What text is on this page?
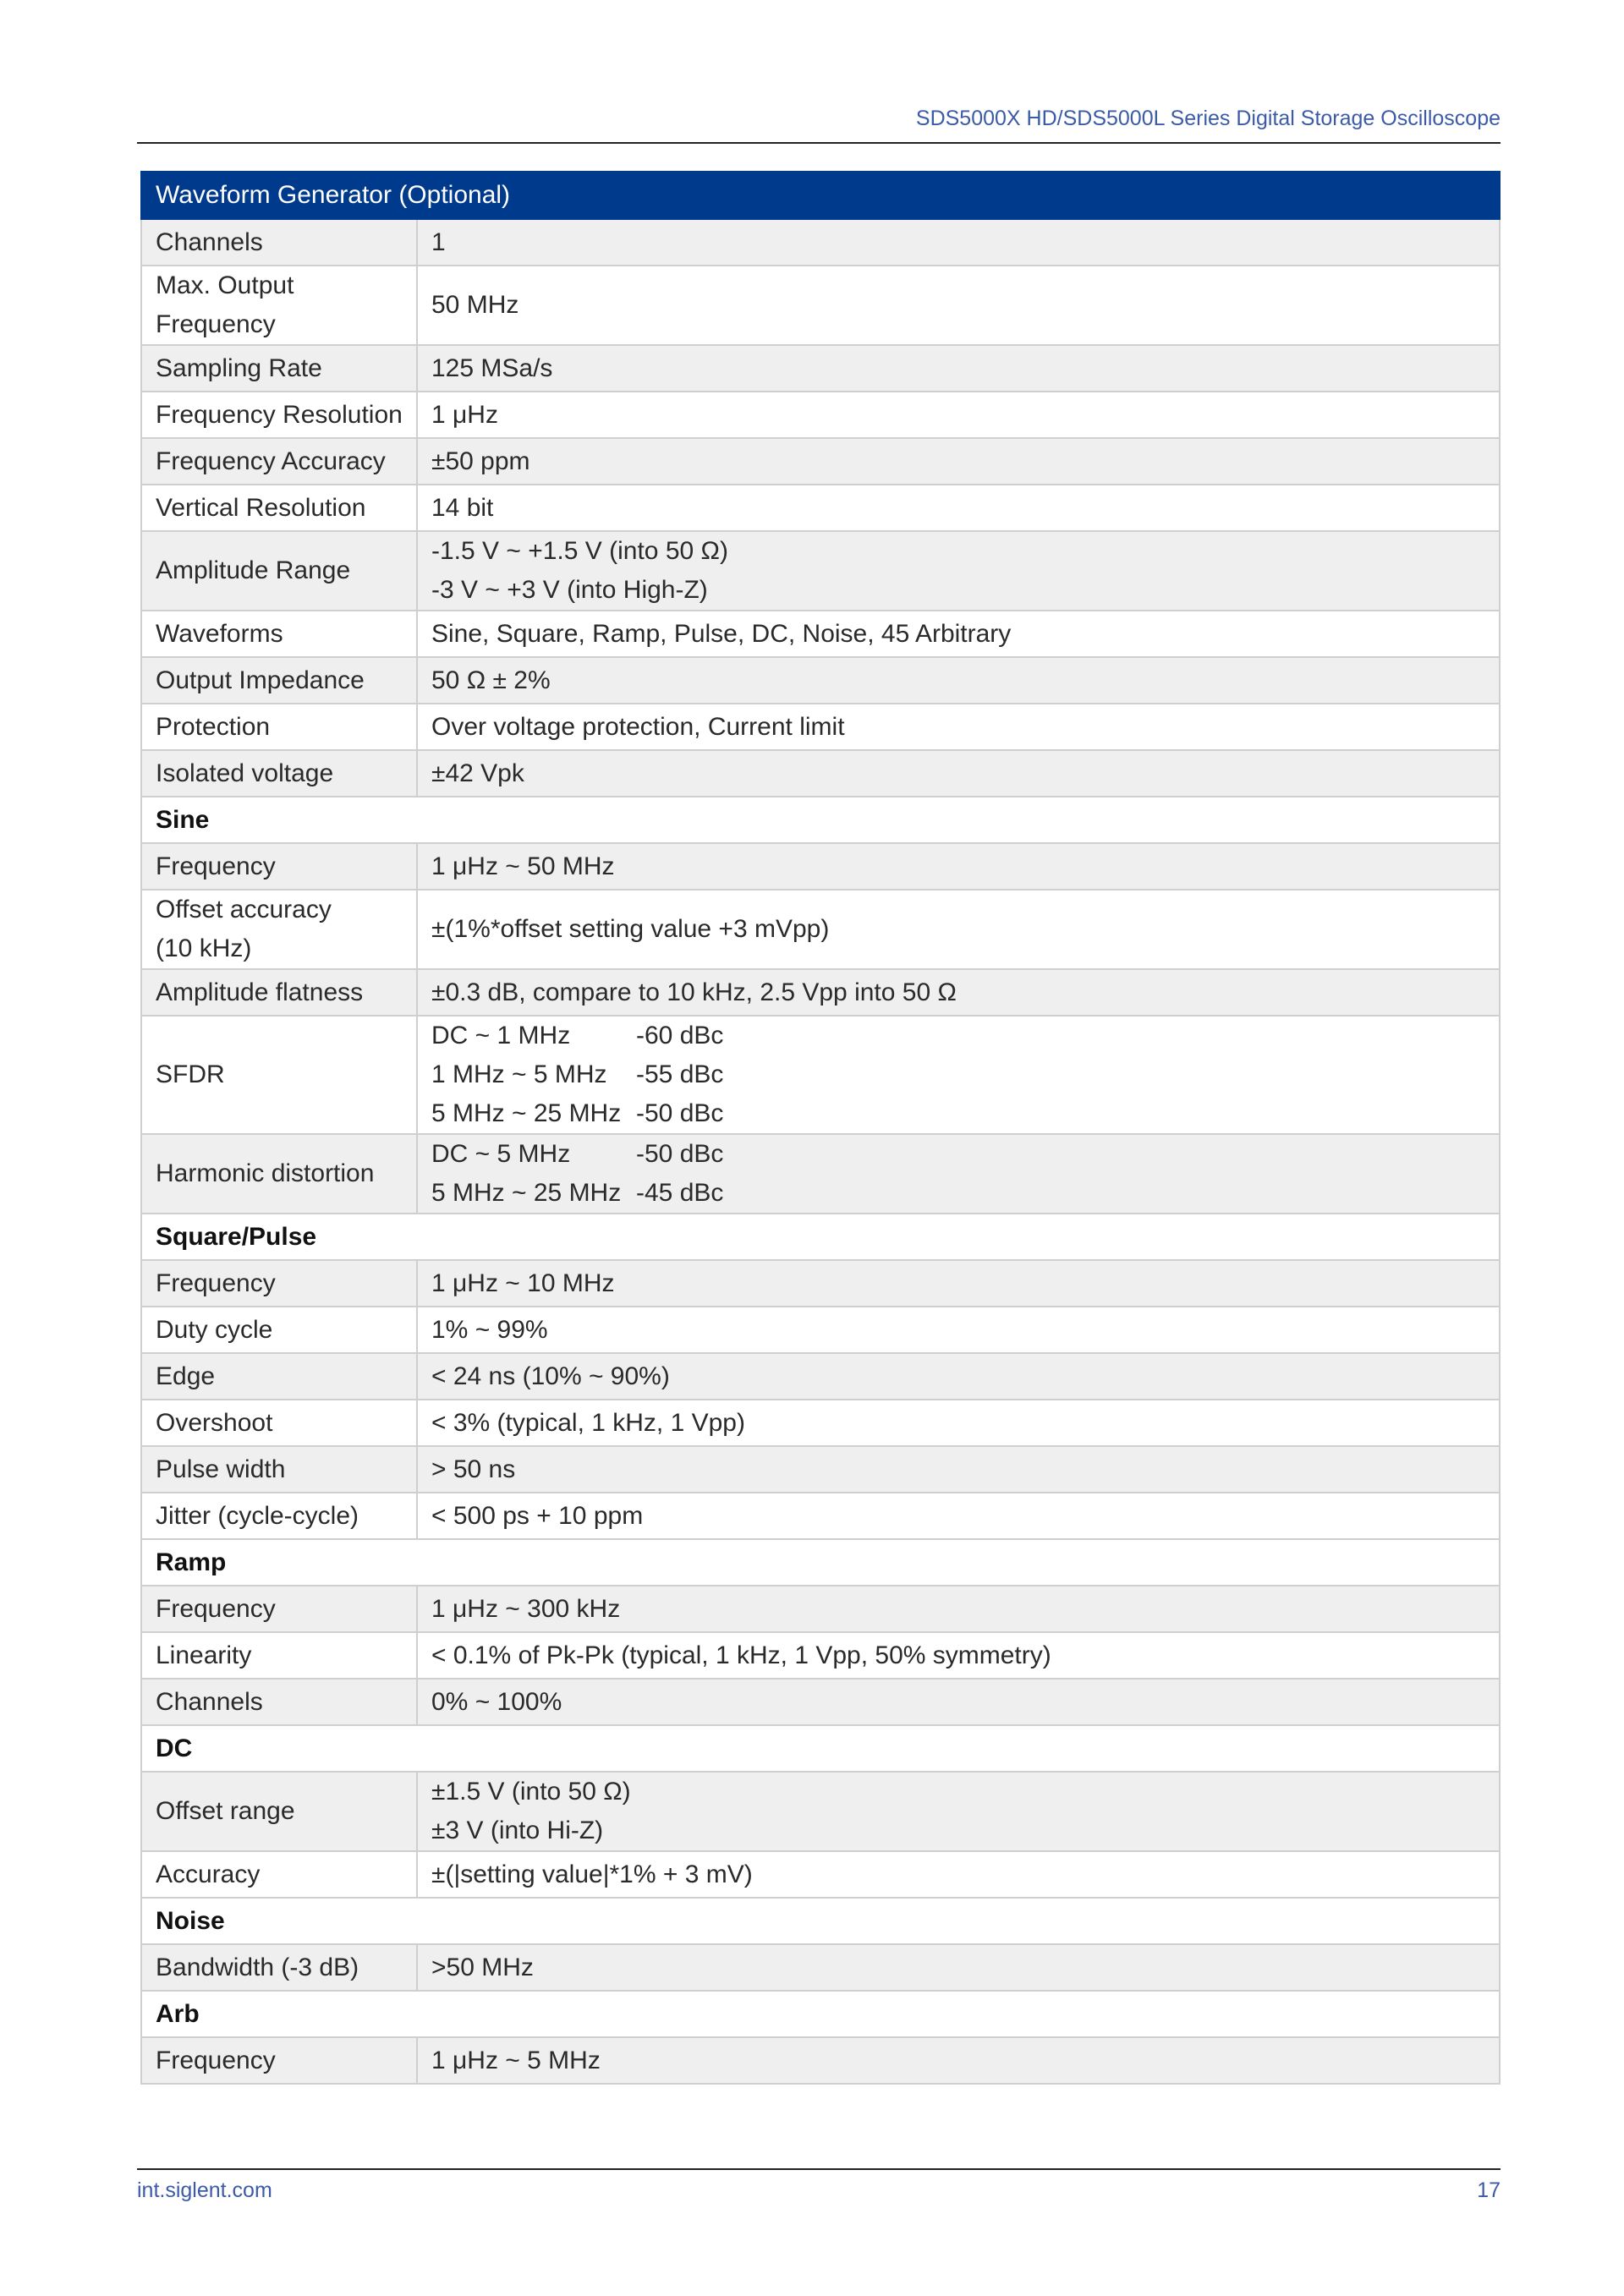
SDS5000X HD/SDS5000L Series Digital Storage Oscilloscope
Waveform Generator (Optional)	
Channels	1

Max. Output
Frequency	50 MHz
Sampling Rate	125 MSa/s
Frequency Resolution	1 μHz
Frequency Accuracy	±50 ppm
Vertical Resolution	14 bit
Amplitude Range	-1.5 V ~ +1.5 V (into 50 Ω)
-3 V ~ +3 V (into High-Z)

Waveforms	Sine, Square, Ramp, Pulse, DC, Noise, 45 Arbitrary
Output Impedance	50 Ω ± 2%
Protection	Over voltage protection, Current limit
Isolated voltage	±42 Vpk
Sine	
Frequency	1 μHz ~ 50 MHz

Offset accuracy
(10 kHz)	±(1%*offset setting value +3 mVpp)
Amplitude flatness	±0.3 dB, compare to 10 kHz, 2.5 Vpp into 50 Ω
SFDR	DC ~ 1 MHz -60 dBc
1 MHz ~ 5 MHz -55 dBc
5 MHz ~ 25 MHz -50 dBc

Harmonic distortion	DC ~ 5 MHz -50 dBc
5 MHz ~ 25 MHz -45 dBc

Square/Pulse	
Frequency	1 μHz ~ 10 MHz
Duty cycle	1% ~ 99%
Edge	< 24 ns (10% ~ 90%)
Overshoot	< 3% (typical, 1 kHz, 1 Vpp)
Pulse width	> 50 ns
Jitter (cycle-cycle)	< 500 ps + 10 ppm
Ramp	
Frequency	1 μHz ~ 300 kHz
Linearity	< 0.1% of Pk-Pk (typical, 1 kHz, 1 Vpp, 50% symmetry)
Channels	0% ~ 100%
DC	
Offset range	±1.5 V (into 50 Ω)
±3 V (into Hi-Z)

Accuracy	±(|setting value|*1% + 3 mV)
Noise	
Bandwidth (-3 dB)	>50 MHz
Arb	
Frequency	1 μHz ~ 5 MHz
int.siglent.com	17
